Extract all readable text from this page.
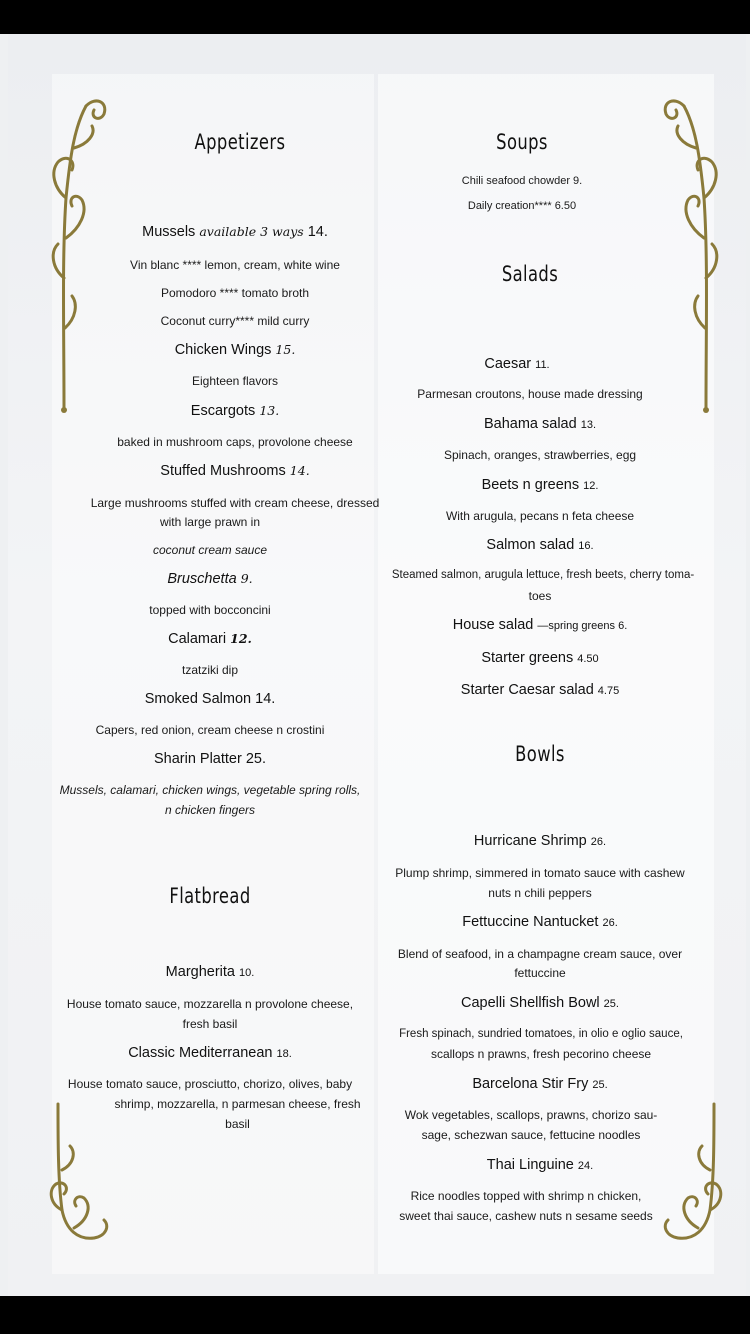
Appetizers
Mussels available 3 ways 14.
Vin blanc **** lemon, cream, white wine
Pomodoro **** tomato broth
Coconut curry**** mild curry
Chicken Wings 15.
Eighteen flavors
Escargots 13.
baked in mushroom caps, provolone cheese
Stuffed Mushrooms 14.
Large mushrooms stuffed with cream cheese, dressed
with large prawn in
coconut cream sauce
Bruschetta 9.
topped with bocconcini
Calamari 12.
tzatziki dip
Smoked Salmon 14.
Capers, red onion, cream cheese n crostini
Sharin Platter 25.
Mussels, calamari, chicken wings, vegetable spring rolls,
n chicken fingers
Flatbread
Margherita 10.
House tomato sauce, mozzarella n provolone cheese,
fresh basil
Classic Mediterranean 18.
House tomato sauce, prosciutto, chorizo, olives, baby
shrimp, mozzarella, n parmesan cheese, fresh
basil
Soups
Chili seafood chowder 9.
Daily creation**** 6.50
Salads
Caesar 11.
Parmesan croutons, house made dressing
Bahama salad 13.
Spinach, oranges, strawberries, egg
Beets n greens 12.
With arugula, pecans n feta cheese
Salmon salad 16.
Steamed salmon, arugula lettuce, fresh beets, cherry toma-
toes
House salad —spring greens 6.
Starter greens 4.50
Starter Caesar salad 4.75
Bowls
Hurricane Shrimp 26.
Plump shrimp, simmered in tomato sauce with cashew
nuts n chili peppers
Fettuccine Nantucket 26.
Blend of seafood, in a champagne cream sauce, over
fettuccine
Capelli Shellfish Bowl 25.
Fresh spinach, sundried tomatoes, in olio e oglio sauce,
scallops n prawns, fresh pecorino cheese
Barcelona Stir Fry 25.
Wok vegetables, scallops, prawns, chorizo sau-
sage, schezwan sauce, fettucine noodles
Thai Linguine 24.
Rice noodles topped with shrimp n chicken,
sweet thai sauce, cashew nuts n sesame seeds
